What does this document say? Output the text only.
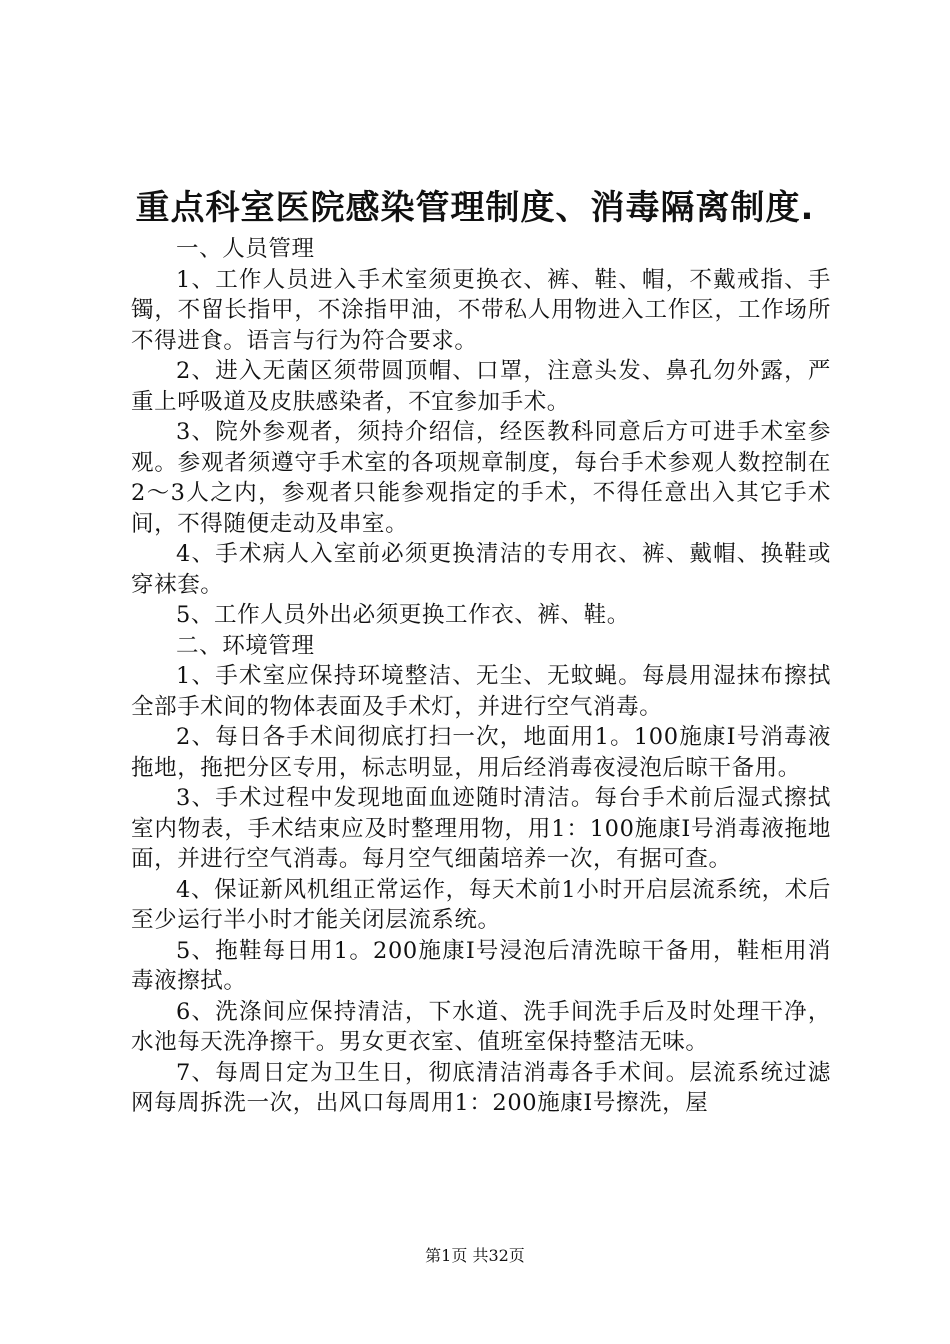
重点科室医院感染管理制度、消毒隔离制度.

一、人员管理

1、工作人员进入手术室须更换衣、裤、鞋、帽，不戴戒指、手镯，不留长指甲，不涂指甲油，不带私人用物进入工作区，工作场所不得进食。语言与行为符合要求。

2、进入无菌区须带圆顶帽、口罩，注意头发、鼻孔勿外露，严重上呼吸道及皮肤感染者，不宜参加手术。

3、院外参观者，须持介绍信，经医教科同意后方可进手术室参观。参观者须遵守手术室的各项规章制度，每台手术参观人数控制在2～3人之内，参观者只能参观指定的手术，不得任意出入其它手术间，不得随便走动及串室。

4、手术病人入室前必须更换清洁的专用衣、裤、戴帽、换鞋或穿袜套。

5、工作人员外出必须更换工作衣、裤、鞋。

二、环境管理

1、手术室应保持环境整洁、无尘、无蚊蝇。每晨用湿抹布擦拭全部手术间的物体表面及手术灯，并进行空气消毒。

2、每日各手术间彻底打扫一次，地面用1。100施康Ⅰ号消毒液拖地，拖把分区专用，标志明显，用后经消毒夜浸泡后晾干备用。

3、手术过程中发现地面血迹随时清洁。每台手术前后湿式擦拭室内物表，手术结束应及时整理用物，用1：100施康Ⅰ号消毒液拖地面，并进行空气消毒。每月空气细菌培养一次，有据可查。

4、保证新风机组正常运作，每天术前1小时开启层流系统，术后至少运行半小时才能关闭层流系统。

5、拖鞋每日用1。200施康Ⅰ号浸泡后清洗晾干备用，鞋柜用消毒液擦拭。

6、洗涤间应保持清洁，下水道、洗手间洗手后及时处理干净，水池每天洗净擦干。男女更衣室、值班室保持整洁无味。

7、每周日定为卫生日，彻底清洁消毒各手术间。层流系统过滤网每周拆洗一次，出风口每周用1：200施康Ⅰ号擦洗，屋

第1页 共32页
